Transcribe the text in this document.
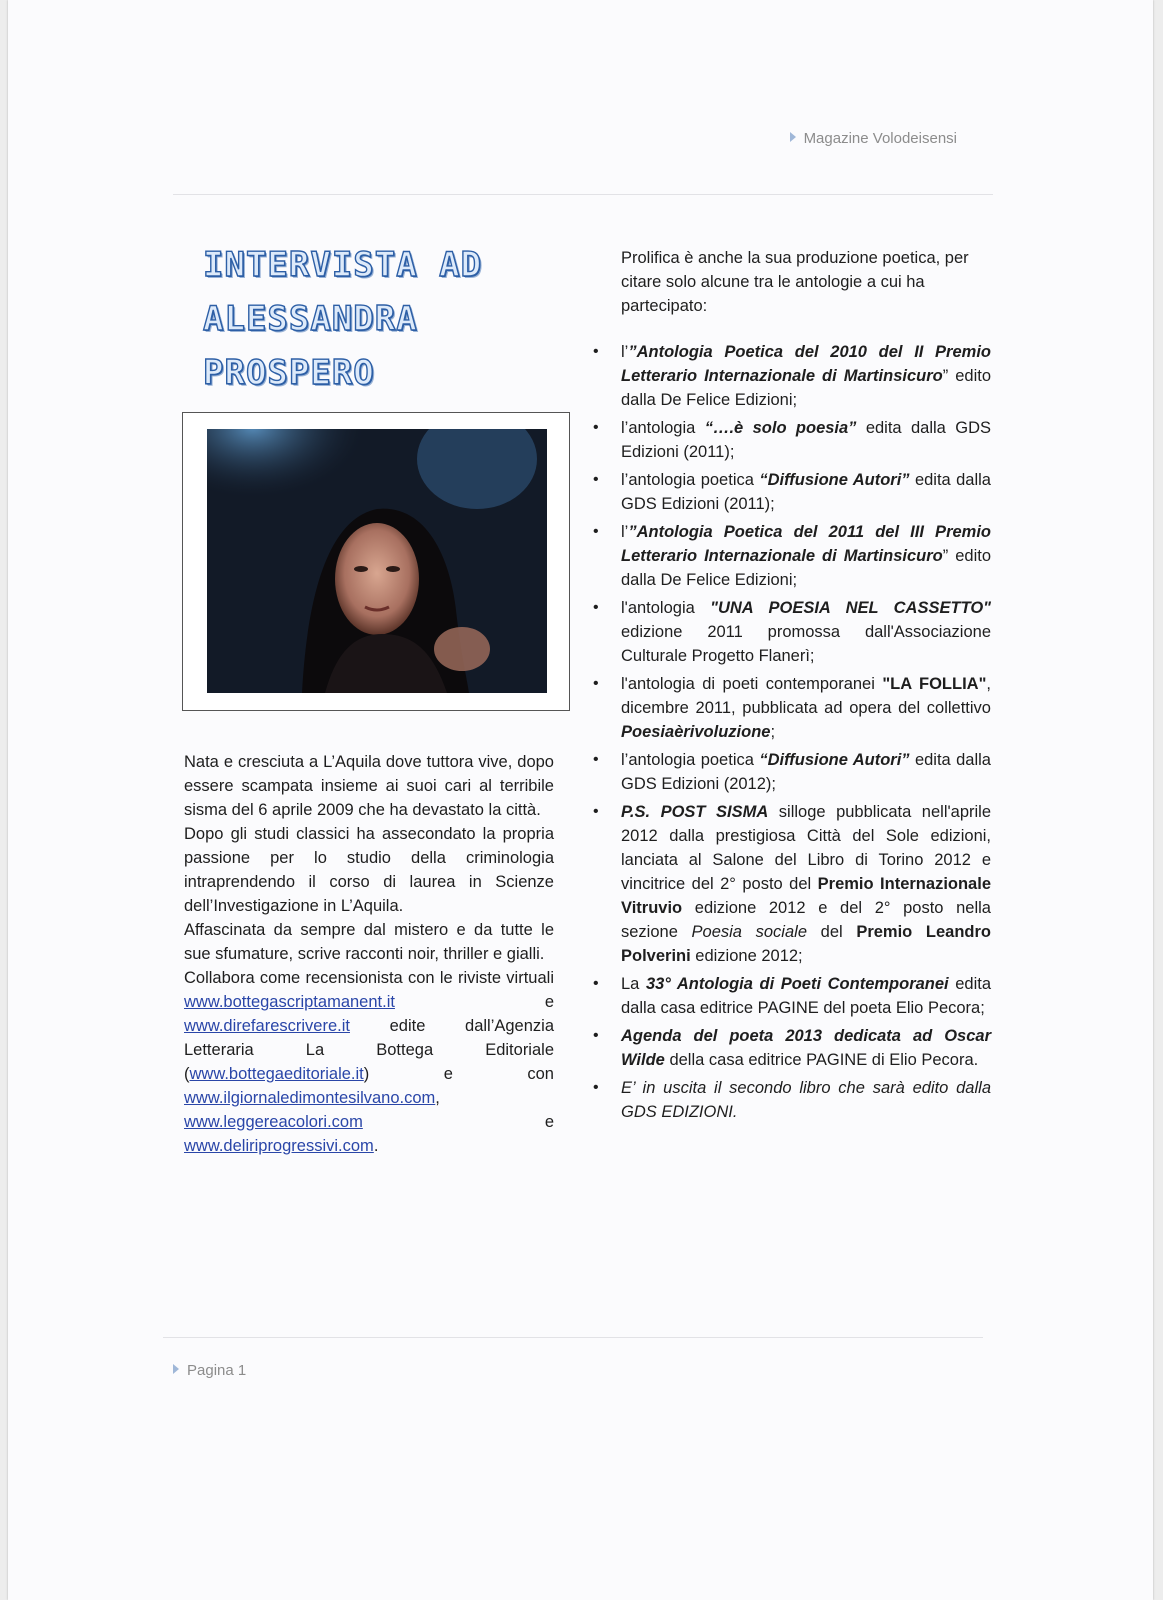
Magazine Volodeisensi
INTERVISTA AD
ALESSANDRA
PROSPERO

Nata e cresciuta a L’Aquila dove tuttora vive, dopo essere scampata insieme ai suoi cari al terribile sisma del 6 aprile 2009 che ha devastato la città.

Dopo gli studi classici ha assecondato la propria passione per lo studio della criminologia intraprendendo il corso di laurea in Scienze dell’Investigazione in L’Aquila.

Affascinata da sempre dal mistero e da tutte le sue sfumature, scrive racconti noir, thriller e gialli.

Collabora come recensionista con le riviste virtuali www.bottegascriptamanent.it	e www.direfarescrivere.it edite dall’Agenzia Letteraria La Bottega Editoriale (www.bottegaeditoriale.it)	e con www.ilgiornaledimontesilvano.com, www.leggereacolori.com	e www.deliriprogressivi.com.

Prolifica è anche la sua produzione poetica, per citare solo alcune tra le antologie a cui ha partecipato:

• l’”Antologia Poetica del 2010 del II Premio Letterario Internazionale di Martinsicuro” edito dalla De Felice Edizioni;
• l’antologia “….è solo poesia” edita dalla GDS Edizioni (2011);
• l’antologia poetica “Diffusione Autori” edita dalla GDS Edizioni (2011);
• l’”Antologia Poetica del 2011 del III Premio Letterario Internazionale di Martinsicuro” edito dalla De Felice Edizioni;
• l'antologia "UNA POESIA NEL CASSETTO" edizione 2011 promossa dall'Associazione Culturale Progetto Flanerì;
• l'antologia di poeti contemporanei "LA FOLLIA", dicembre 2011, pubblicata ad opera del collettivo Poesiaèrivoluzione;
• l’antologia poetica “Diffusione Autori” edita dalla GDS Edizioni (2012);
• P.S. POST SISMA silloge pubblicata nell'aprile 2012 dalla prestigiosa Città del Sole edizioni, lanciata al Salone del Libro di Torino 2012 e vincitrice del 2° posto del Premio Internazionale Vitruvio edizione 2012 e del 2° posto nella sezione Poesia sociale del Premio Leandro Polverini edizione 2012;
• La 33° Antologia di Poeti Contemporanei edita dalla casa editrice PAGINE del poeta Elio Pecora;
• Agenda del poeta 2013 dedicata ad Oscar Wilde della casa editrice PAGINE di Elio Pecora.
• E’ in uscita il secondo libro che sarà edito dalla GDS EDIZIONI.
Pagina 1
